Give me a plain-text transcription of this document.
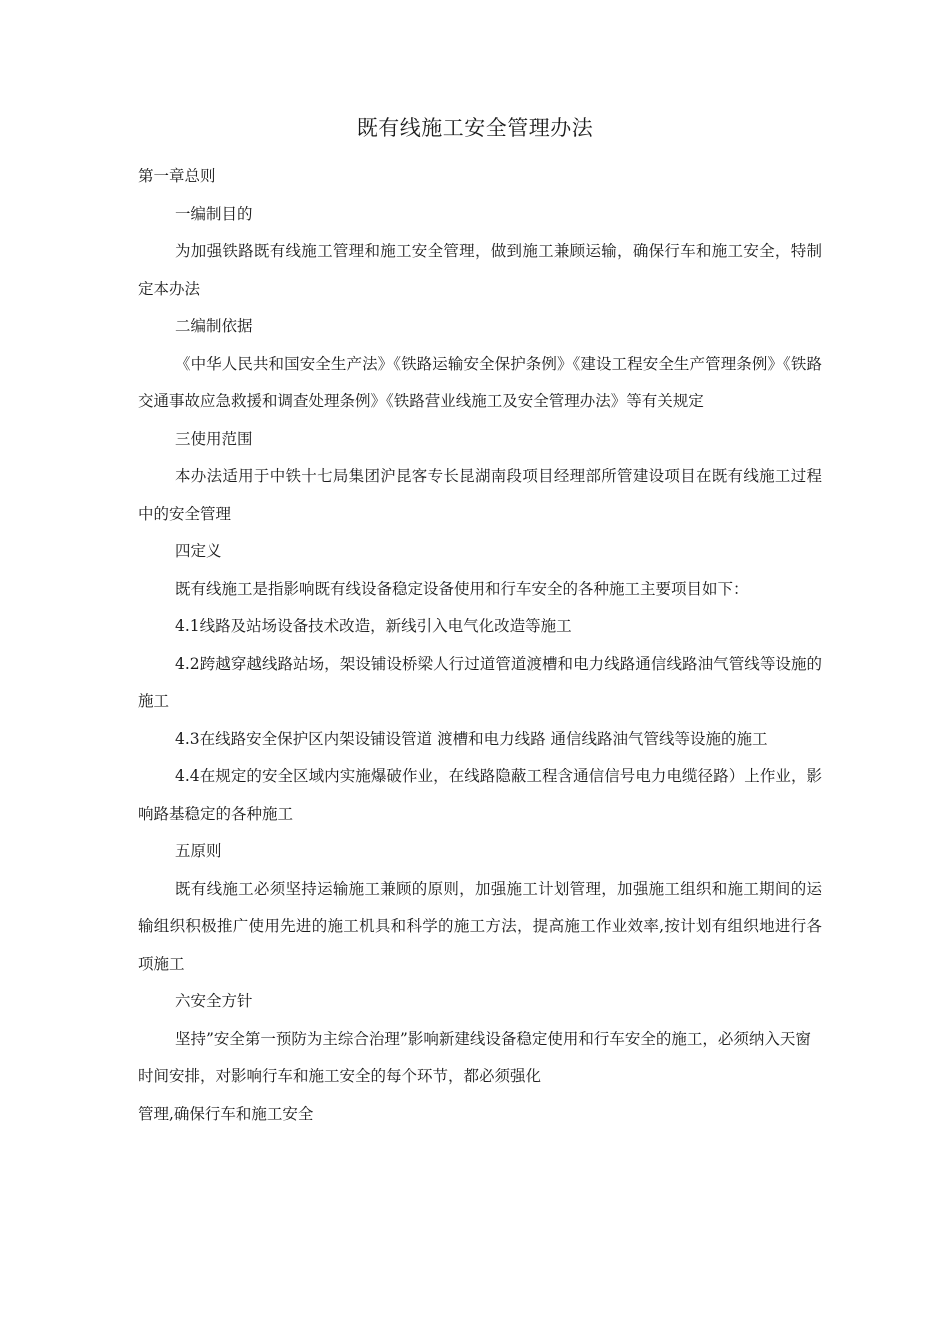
既有线施工安全管理办法

第一章总则

一编制目的

为加强铁路既有线施工管理和施工安全管理，做到施工兼顾运输，确保行车和施工安全，特制定本办法

二编制依据

《中华人民共和国安全生产法》《铁路运输安全保护条例》《建设工程安全生产管理条例》《铁路交通事故应急救援和调查处理条例》《铁路营业线施工及安全管理办法》等有关规定

三使用范围

本办法适用于中铁十七局集团沪昆客专长昆湖南段项目经理部所管建设项目在既有线施工过程中的安全管理

四定义

既有线施工是指影响既有线设备稳定设备使用和行车安全的各种施工主要项目如下：

4.1线路及站场设备技术改造，新线引入电气化改造等施工

4.2跨越穿越线路站场，架设铺设桥梁人行过道管道渡槽和电力线路通信线路油气管线等设施的施工

4.3在线路安全保护区内架设铺设管道 渡槽和电力线路 通信线路油气管线等设施的施工

4.4在规定的安全区域内实施爆破作业，在线路隐蔽工程含通信信号电力电缆径路）上作业，影响路基稳定的各种施工

五原则

既有线施工必须坚持运输施工兼顾的原则，加强施工计划管理，加强施工组织和施工期间的运输组织积极推广使用先进的施工机具和科学的施工方法，提高施工作业效率,按计划有组织地进行各项施工

六安全方针

坚持”安全第一预防为主综合治理”影响新建线设备稳定使用和行车安全的施工，必须纳入天窗时间安排，对影响行车和施工安全的每个环节，都必须强化

管理,确保行车和施工安全
